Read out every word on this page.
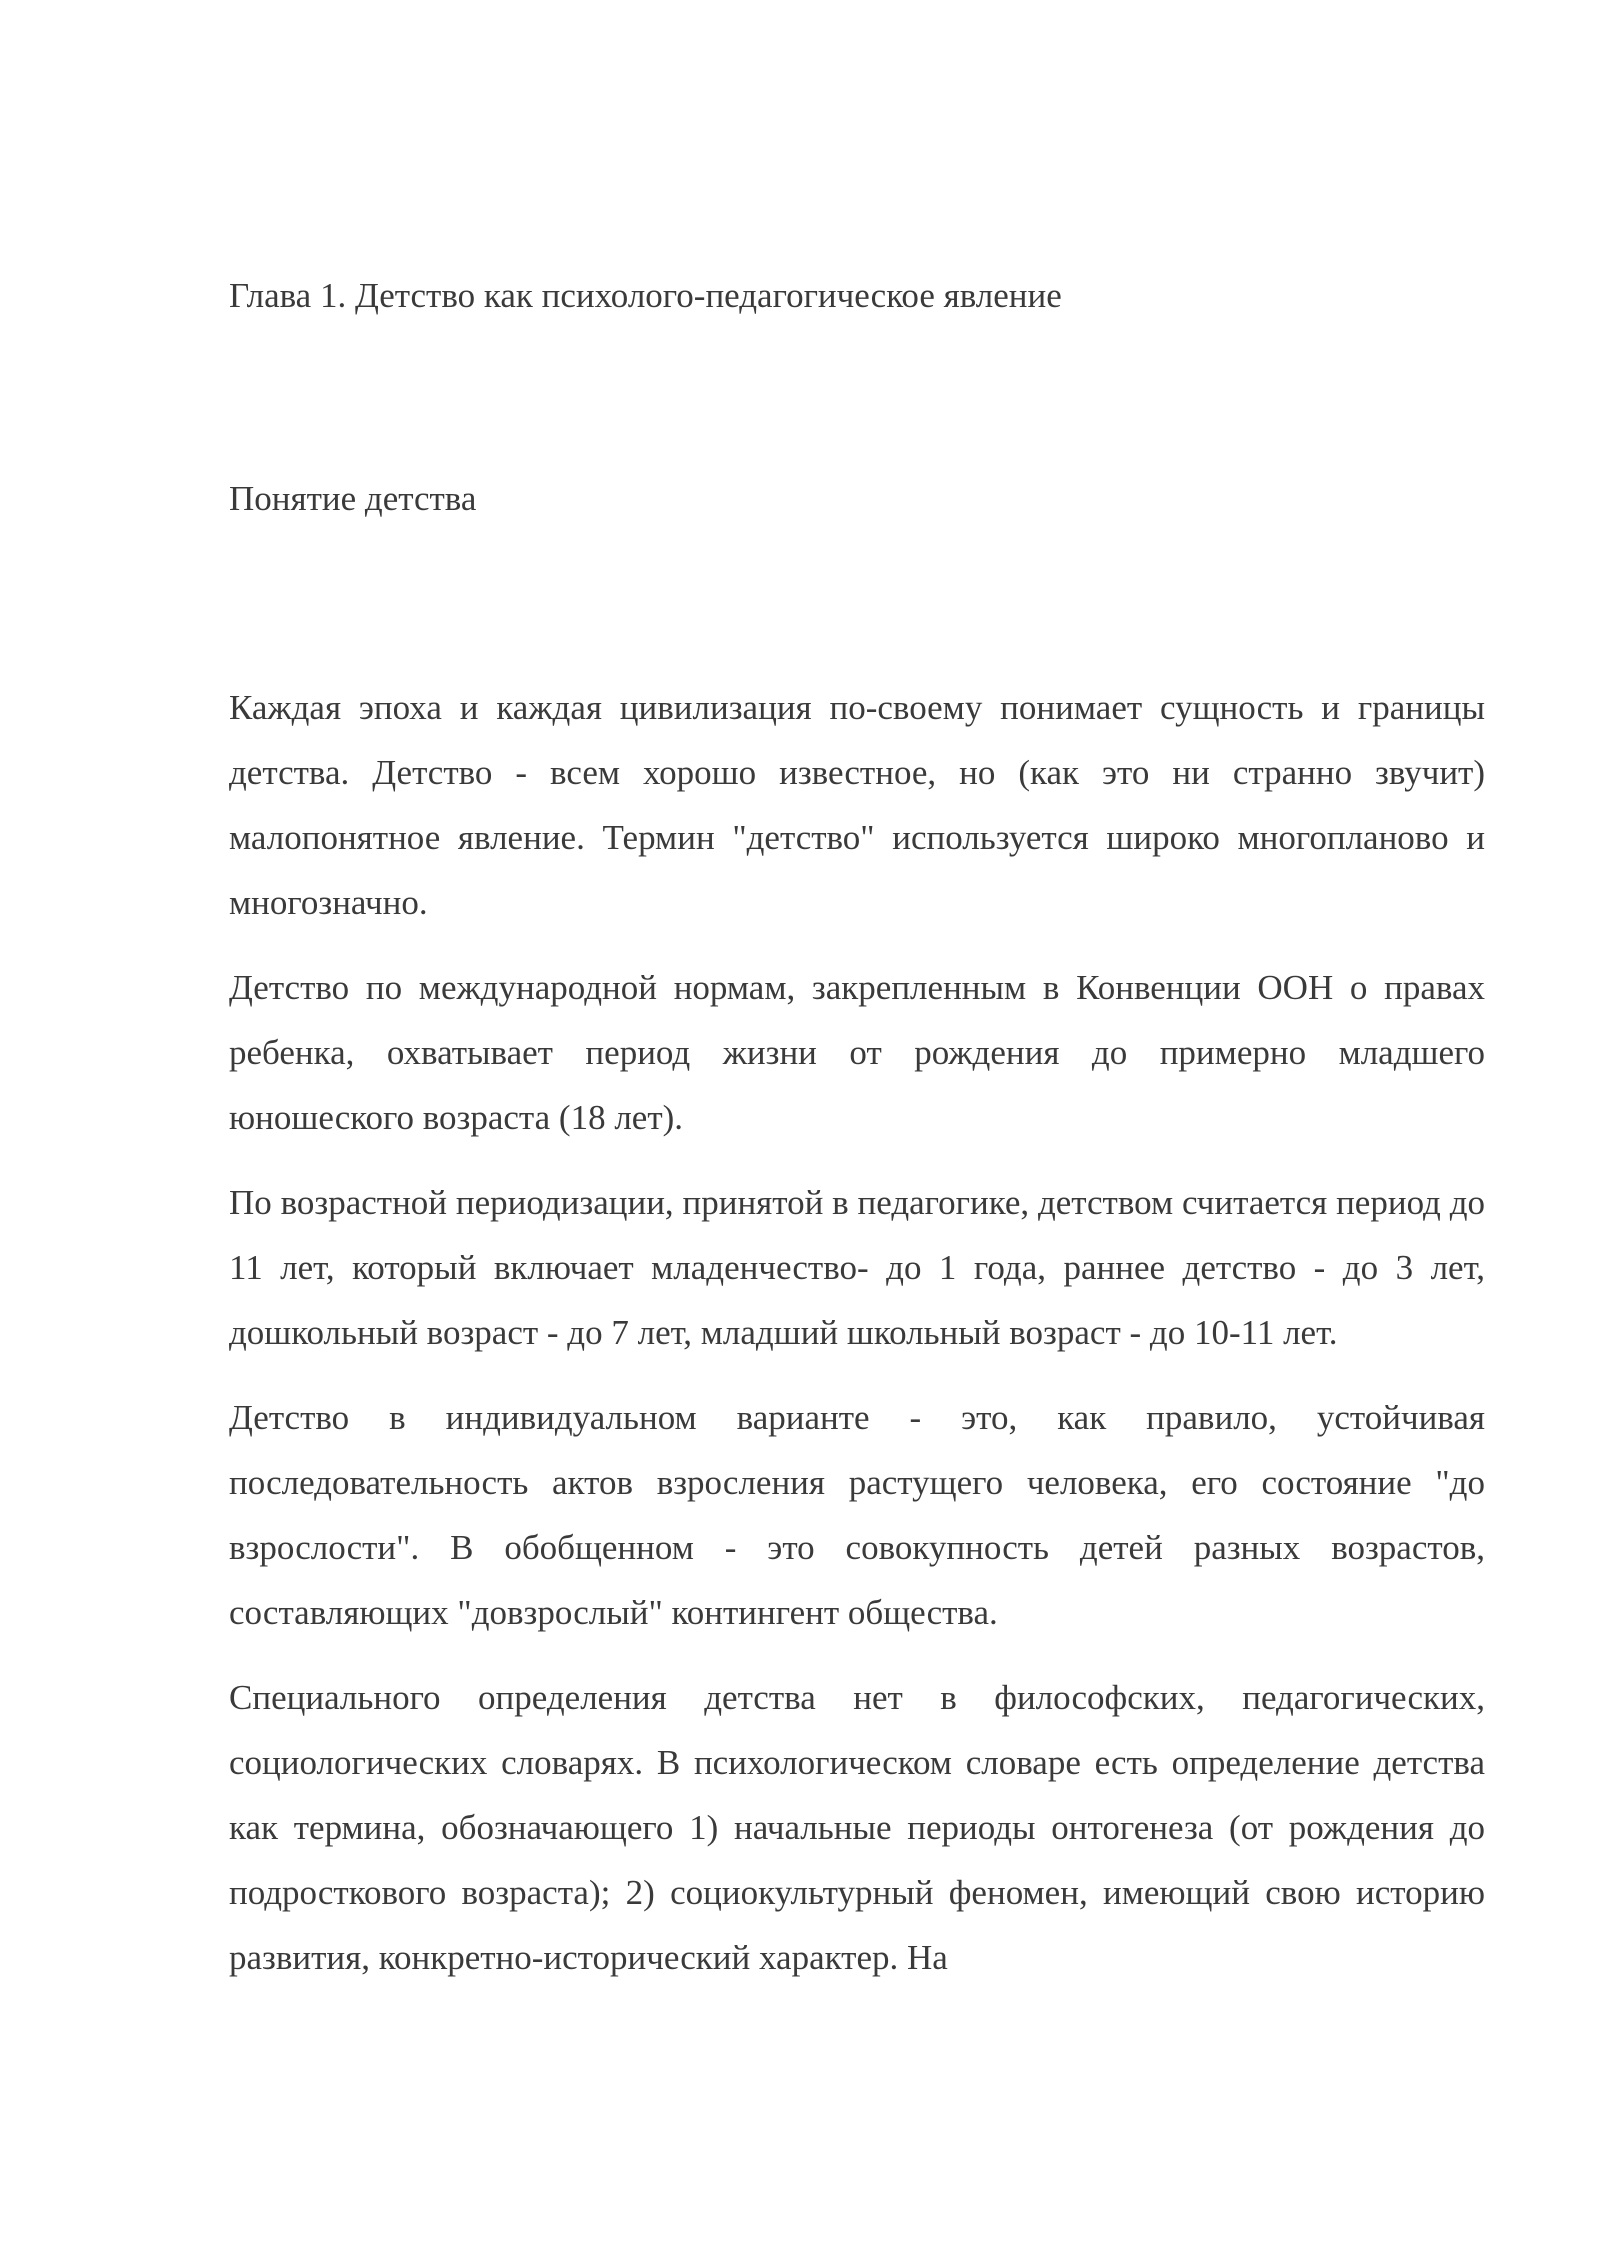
Глава 1. Детство как психолого-педагогическое явление
Понятие детства

Каждая эпоха и каждая цивилизация по-своему понимает сущность и границы детства. Детство - всем хорошо известное, но (как это ни странно звучит) малопонятное явление. Термин "детство" используется широко многопланово и многозначно.

Детство по международной нормам, закрепленным в Конвенции ООН о правах ребенка, охватывает период жизни от рождения до примерно младшего юношеского возраста (18 лет).

По возрастной периодизации, принятой в педагогике, детством считается период до 11 лет, который включает младенчество- до 1 года, раннее детство - до 3 лет, дошкольный возраст - до 7 лет, младший школьный возраст - до 10-11 лет.

Детство в индивидуальном варианте - это, как правило, устойчивая последовательность актов взросления растущего человека, его состояние "до взрослости". В обобщенном - это совокупность детей разных возрастов, составляющих "довзрослый" контингент общества.

Специального определения детства нет в философских, педагогических, социологических словарях. В психологическом словаре есть определение детства как термина, обозначающего 1) начальные периоды онтогенеза (от рождения до подросткового возраста); 2) социокультурный феномен, имеющий свою историю развития, конкретно-исторический характер. На
